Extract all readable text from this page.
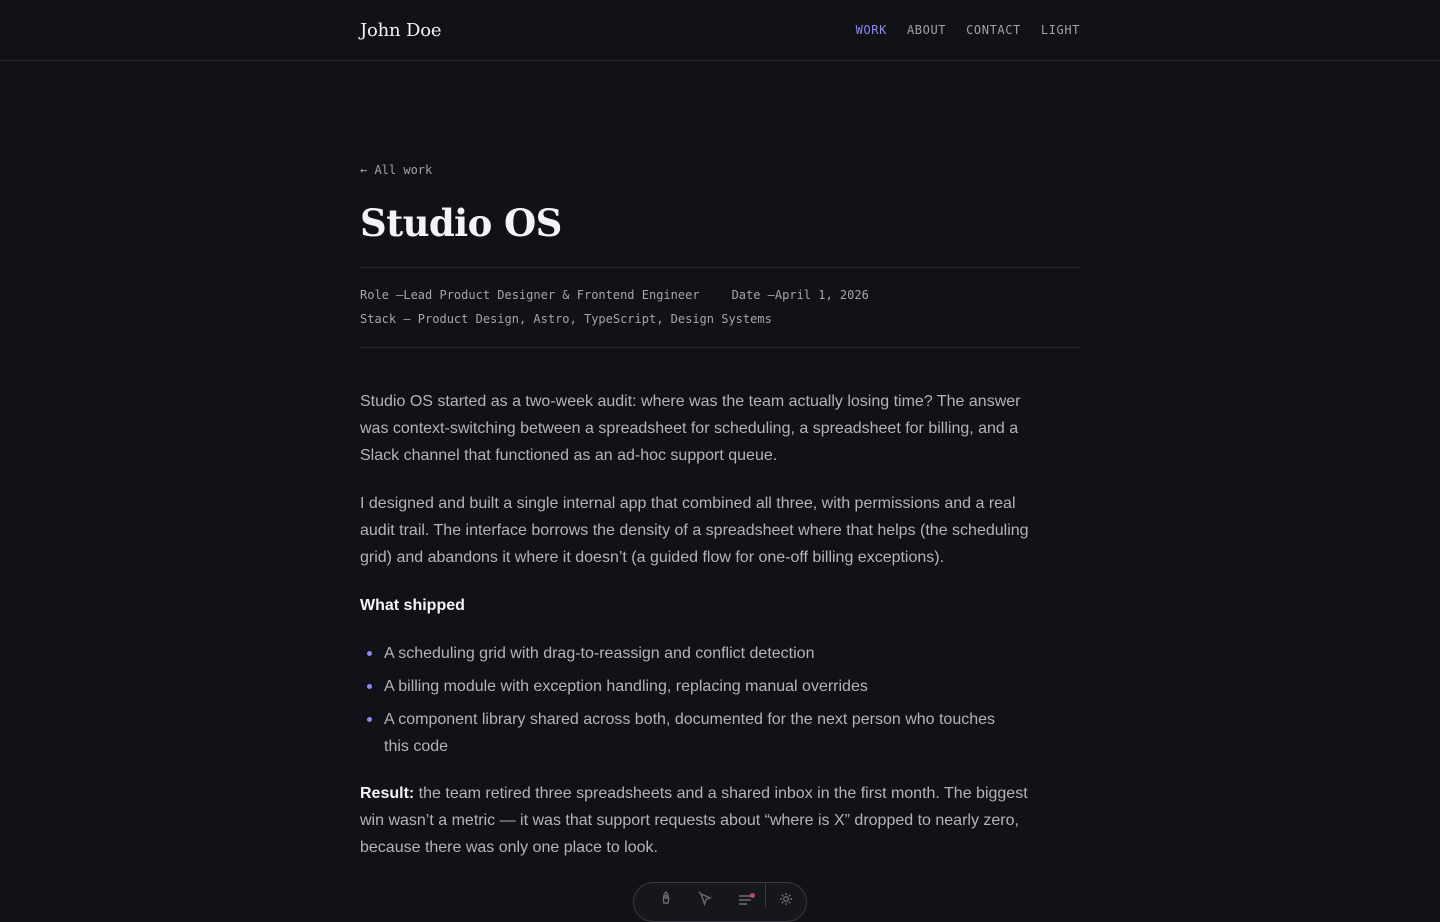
John Doe	WORK ABOUT CONTACT LIGHT
← All work
Studio OS
Role —Lead Product Designer & Frontend Engineer	Date —April 1, 2026
Stack — Product Design, Astro, TypeScript, Design Systems

Studio OS started as a two-week audit: where was the team actually losing time? The answer was context-switching between a spreadsheet for scheduling, a spreadsheet for billing, and a Slack channel that functioned as an ad-hoc support queue.

I designed and built a single internal app that combined all three, with permissions and a real audit trail. The interface borrows the density of a spreadsheet where that helps (the scheduling grid) and abandons it where it doesn’t (a guided flow for one-off billing exceptions).

What shipped
A scheduling grid with drag-to-reassign and conflict detection
A billing module with exception handling, replacing manual overrides
A component library shared across both, documented for the next person who touches this code

Result: the team retired three spreadsheets and a shared inbox in the first month. The biggest win wasn’t a metric — it was that support requests about “where is X” dropped to nearly zero, because there was only one place to look.
